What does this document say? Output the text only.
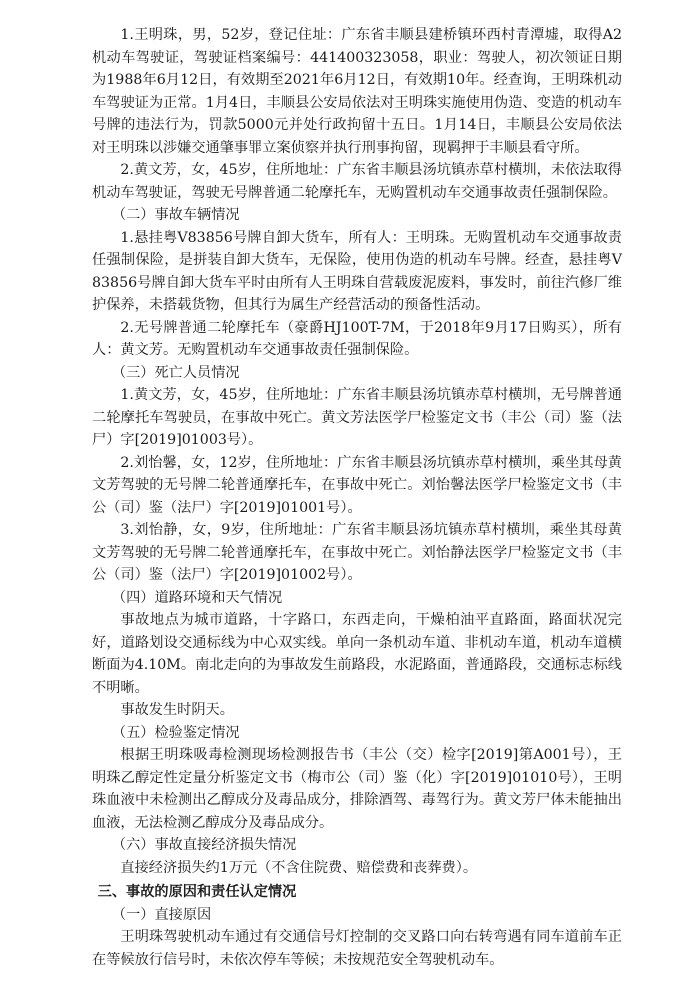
1.王明珠，男，52岁，登记住址：广东省丰顺县建桥镇环西村青潭墟，取得A2机动车驾驶证，驾驶证档案编号：441400323058，职业：驾驶人，初次领证日期为1988年6月12日，有效期至2021年6月12日，有效期10年。经查询，王明珠机动车驾驶证为正常。1月4日，丰顺县公安局依法对王明珠实施使用伪造、变造的机动车号牌的违法行为，罚款5000元并处行政拘留十五日。1月14日，丰顺县公安局依法对王明珠以涉嫌交通肇事罪立案侦察并执行刑事拘留，现羁押于丰顺县看守所。

2.黄文芳，女，45岁，住所地址：广东省丰顺县汤坑镇赤草村横圳，未依法取得机动车驾驶证，驾驶无号牌普通二轮摩托车，无购置机动车交通事故责任强制保险。

（二）事故车辆情况

1.悬挂粤V83856号牌自卸大货车，所有人：王明珠。无购置机动车交通事故责任强制保险，是拼装自卸大货车，无保险，使用伪造的机动车号牌。经查，悬挂粤V83856号牌自卸大货车平时由所有人王明珠自营载废泥废料，事发时，前往汽修厂维护保养，未搭载货物，但其行为属生产经营活动的预备性活动。

2.无号牌普通二轮摩托车（豪爵HJ100T-7M，于2018年9月17日购买），所有人：黄文芳。无购置机动车交通事故责任强制保险。

（三）死亡人员情况

1.黄文芳，女，45岁，住所地址：广东省丰顺县汤坑镇赤草村横圳，无号牌普通二轮摩托车驾驶员，在事故中死亡。黄文芳法医学尸检鉴定文书（丰公（司）鉴（法尸）字[2019]01003号）。

2.刘怡馨，女，12岁，住所地址：广东省丰顺县汤坑镇赤草村横圳，乘坐其母黄文芳驾驶的无号牌二轮普通摩托车，在事故中死亡。刘怡馨法医学尸检鉴定文书（丰公（司）鉴（法尸）字[2019]01001号）。

3.刘怡静，女，9岁，住所地址：广东省丰顺县汤坑镇赤草村横圳，乘坐其母黄文芳驾驶的无号牌二轮普通摩托车，在事故中死亡。刘怡静法医学尸检鉴定文书（丰公（司）鉴（法尸）字[2019]01002号）。

（四）道路环境和天气情况

事故地点为城市道路，十字路口，东西走向，干燥柏油平直路面，路面状况完好，道路划设交通标线为中心双实线。单向一条机动车道、非机动车道，机动车道横断面为4.10M。南北走向的为事故发生前路段，水泥路面，普通路段，交通标志标线不明晰。

事故发生时阴天。

（五）检验鉴定情况

根据王明珠吸毒检测现场检测报告书（丰公（交）检字[2019]第A001号），王明珠乙醇定性定量分析鉴定文书（梅市公（司）鉴（化）字[2019]01010号），王明珠血液中未检测出乙醇成分及毒品成分，排除酒驾、毒驾行为。黄文芳尸体未能抽出血液，无法检测乙醇成分及毒品成分。

（六）事故直接经济损失情况

直接经济损失约1万元（不含住院费、赔偿费和丧葬费）。

三、事故的原因和责任认定情况

（一）直接原因

王明珠驾驶机动车通过有交通信号灯控制的交叉路口向右转弯遇有同车道前车正在等候放行信号时，未依次停车等候；未按规范安全驾驶机动车。
